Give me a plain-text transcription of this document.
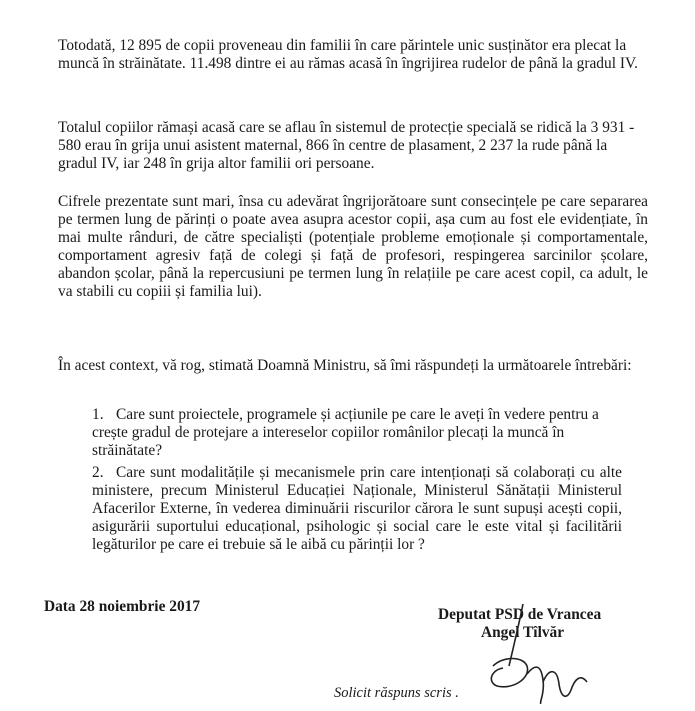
Totodată, 12 895 de copii proveneau din familii în care părintele unic susținător era plecat la muncă în străinătate. 11.498 dintre ei au rămas acasă în îngrijirea rudelor de până la gradul IV.

Totalul copiilor rămași acasă care se aflau în sistemul de protecție specială se ridică la 3 931 - 580 erau în grija unui asistent maternal, 866 în centre de plasament, 2 237 la rude până la gradul IV, iar 248 în grija altor familii ori persoane.

Cifrele prezentate sunt mari, însa cu adevărat îngrijorătoare sunt consecințele pe care separarea pe termen lung de părinți o poate avea asupra acestor copii, așa cum au fost ele evidențiate, în mai multe rânduri, de către specialiști (potențiale probleme emoționale și comportamentale, comportament agresiv față de colegi și față de profesori, respingerea sarcinilor școlare, abandon școlar, până la repercusiuni pe termen lung în relațiile pe care acest copil, ca adult, le va stabili cu copiii și familia lui).

În acest context, vă rog, stimată Doamnă Ministru, să îmi răspundeți la următoarele întrebări:

1. Care sunt proiectele, programele și acțiunile pe care le aveți în vedere pentru a crește gradul de protejare a intereselor copiilor românilor plecați la muncă în străinătate?

2. Care sunt modalitățile și mecanismele prin care intenționați să colaborați cu alte ministere, precum Ministerul Educației Naționale, Ministerul Sănătații Ministerul Afacerilor Externe, în vederea diminuării riscurilor cărora le sunt supuși acești copii, asigurării suportului educațional, psihologic și social care le este vital și facilitării legăturilor pe care ei trebuie să le aibă cu părinții lor ?

Data 28 noiembrie 2017	Deputat PSD de Vrancea

Angel Tîlvăr

Solicit răspuns scris .
